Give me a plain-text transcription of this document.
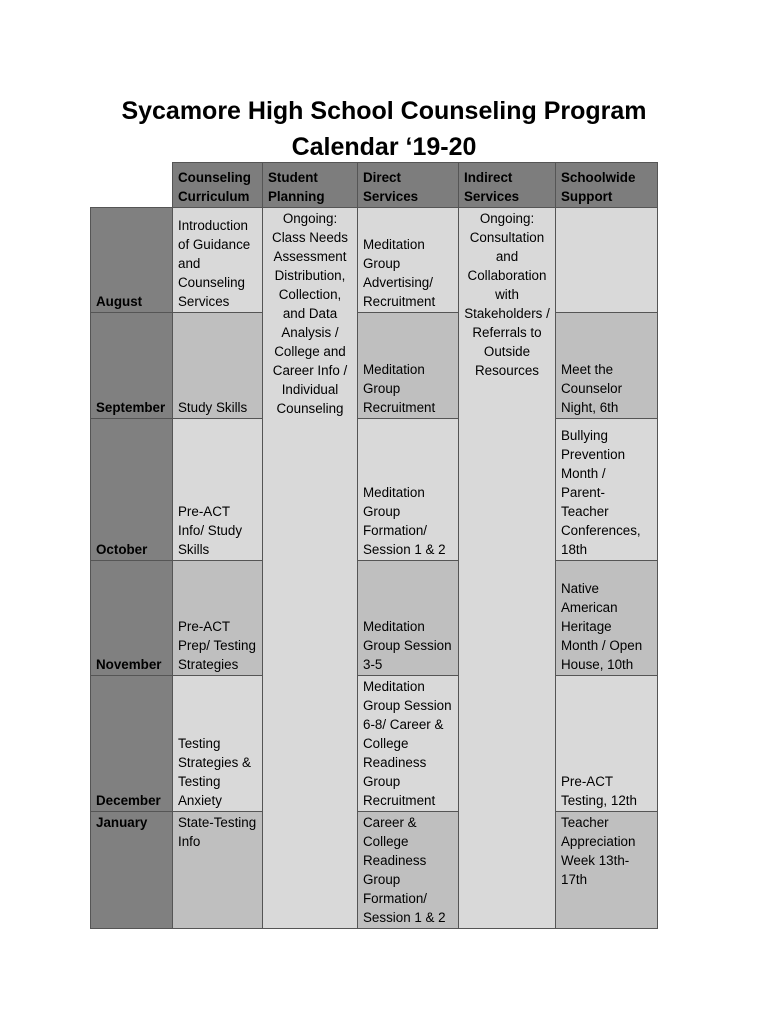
Sycamore High School Counseling Program
Calendar ‘19-20
	Counseling Curriculum	Student Planning	Direct Services	Indirect Services	Schoolwide Support
August	Introduction of Guidance and Counseling Services	Ongoing: Class Needs Assessment Distribution, Collection, and Data Analysis / College and Career Info / Individual Counseling	Meditation Group Advertising/ Recruitment	Ongoing: Consultation and Collaboration with Stakeholders / Referrals to Outside Resources	
September	Study Skills		Meditation Group Recruitment		Meet the Counselor Night, 6th
October	Pre-ACT Info/ Study Skills		Meditation Group Formation/ Session 1 & 2		Bullying Prevention Month / Parent-Teacher Conferences, 18th
November	Pre-ACT Prep/ Testing Strategies		Meditation Group Session 3-5		Native American Heritage Month / Open House, 10th
December	Testing Strategies & Testing Anxiety		Meditation Group Session 6-8/ Career & College Readiness Group Recruitment		Pre-ACT Testing, 12th
January	State-Testing Info		Career & College Readiness Group Formation/ Session 1 & 2		Teacher Appreciation Week 13th-17th
